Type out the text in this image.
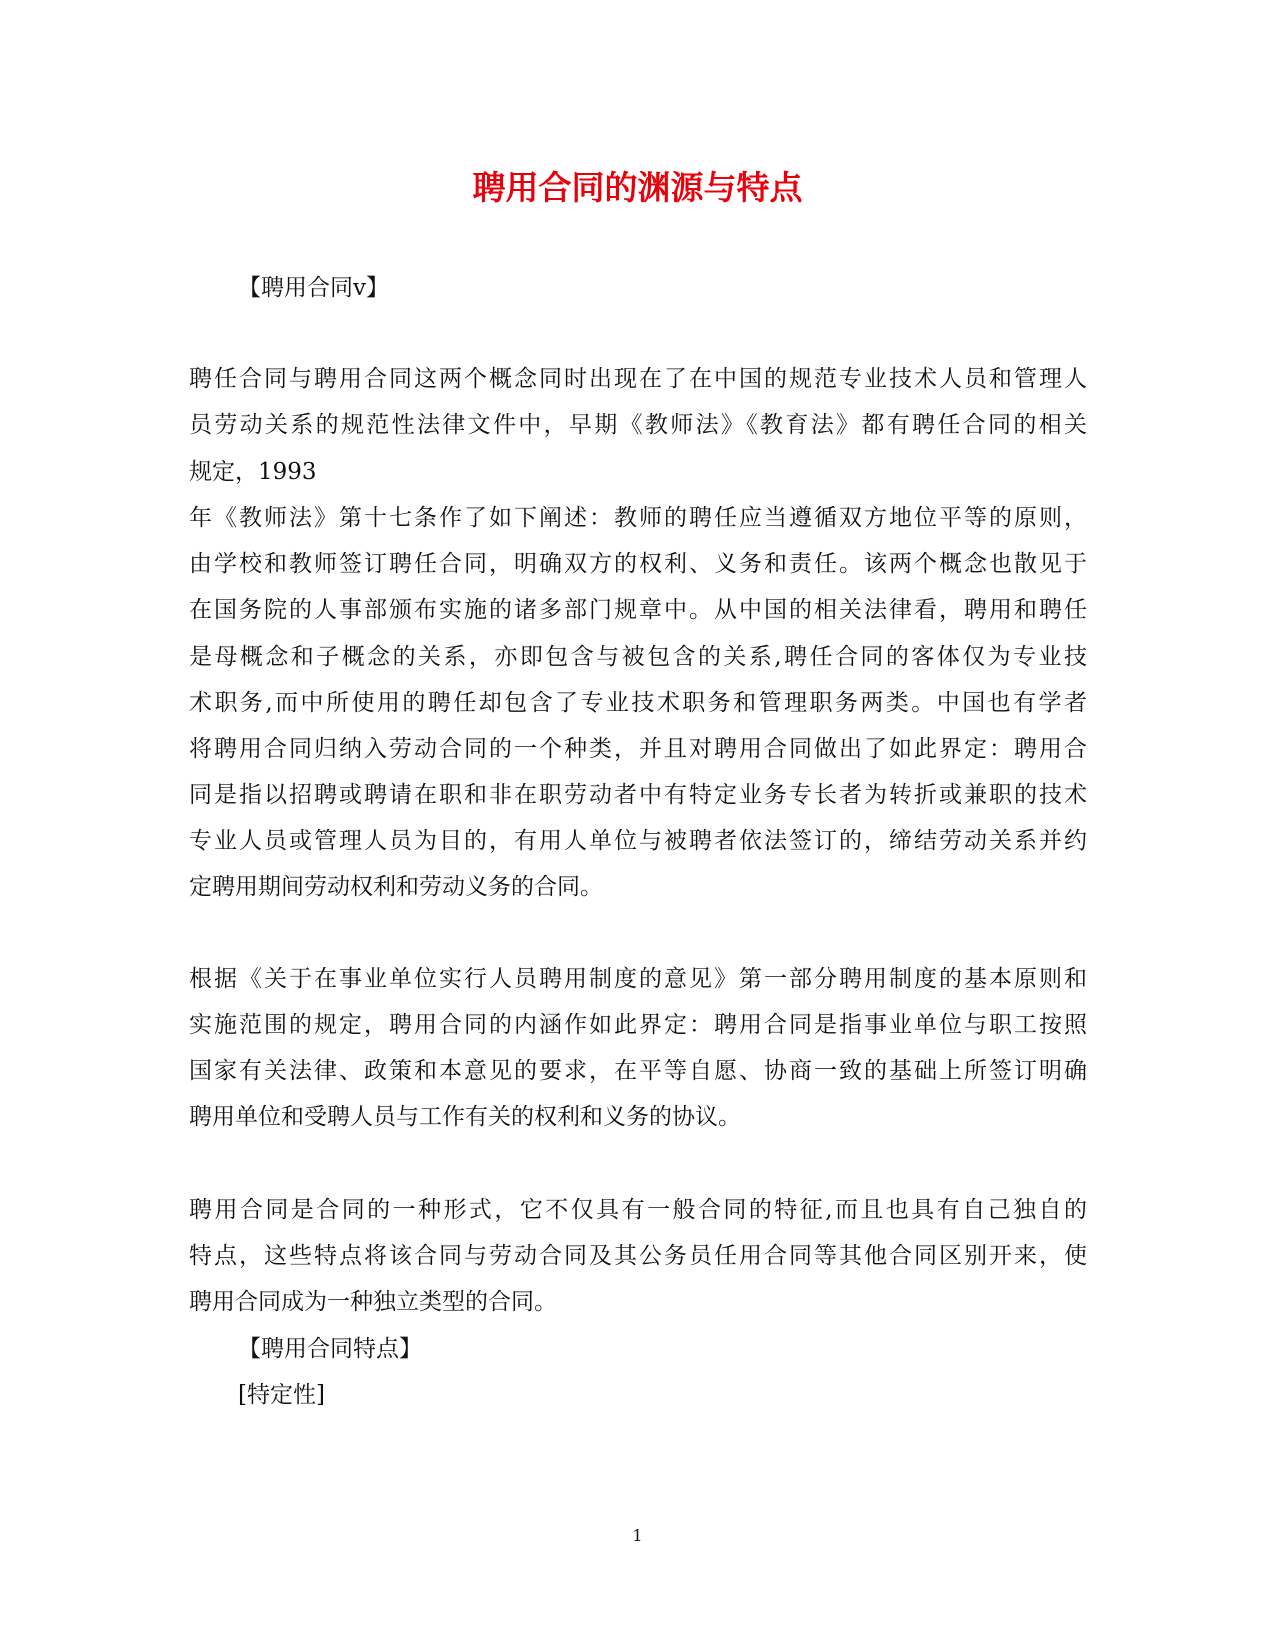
聘用合同的渊源与特点

【聘用合同v】

聘任合同与聘用合同这两个概念同时出现在了在中国的规范专业技术人员和管理人

员劳动关系的规范性法律文件中，早期《教师法》《教育法》都有聘任合同的相关

规定，1993

年《教师法》第十七条作了如下阐述：教师的聘任应当遵循双方地位平等的原则，

由学校和教师签订聘任合同，明确双方的权利、义务和责任。该两个概念也散见于

在国务院的人事部颁布实施的诸多部门规章中。从中国的相关法律看，聘用和聘任

是母概念和子概念的关系，亦即包含与被包含的关系,聘任合同的客体仅为专业技

术职务,而中所使用的聘任却包含了专业技术职务和管理职务两类。中国也有学者

将聘用合同归纳入劳动合同的一个种类，并且对聘用合同做出了如此界定：聘用合

同是指以招聘或聘请在职和非在职劳动者中有特定业务专长者为转折或兼职的技术

专业人员或管理人员为目的，有用人单位与被聘者依法签订的，缔结劳动关系并约

定聘用期间劳动权利和劳动义务的合同。

根据《关于在事业单位实行人员聘用制度的意见》第一部分聘用制度的基本原则和

实施范围的规定，聘用合同的内涵作如此界定：聘用合同是指事业单位与职工按照

国家有关法律、政策和本意见的要求，在平等自愿、协商一致的基础上所签订明确

聘用单位和受聘人员与工作有关的权利和义务的协议。

聘用合同是合同的一种形式，它不仅具有一般合同的特征,而且也具有自己独自的

特点，这些特点将该合同与劳动合同及其公务员任用合同等其他合同区别开来，使

聘用合同成为一种独立类型的合同。

【聘用合同特点】

[特定性]

1
